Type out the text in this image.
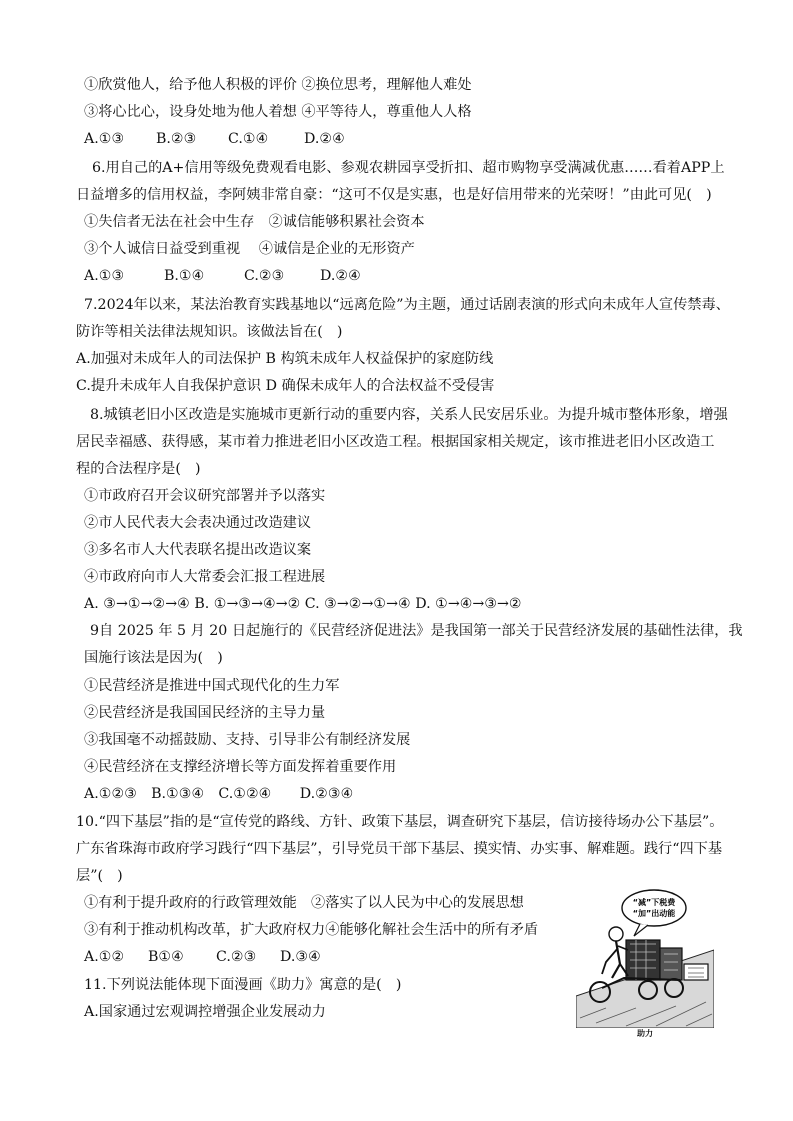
①欣赏他人，给予他人积极的评价 ②换位思考，理解他人难处
③将心比心，设身处地为他人着想 ④平等待人，尊重他人人格
A.①③ B.②③ C.①④	D.②④
6.用自己的A+信用等级免费观看电影、参观农耕园享受折扣、超市购物享受满减优惠……看着APP上
日益增多的信用权益，李阿姨非常自豪：“这可不仅是实惠，也是好信用带来的光荣呀！”由此可见(　)
①失信者无法在社会中生存　②诚信能够积累社会资本
③个人诚信日益受到重视　 ④诚信是企业的无形资产
A.①③	B.①④	C.②③	D.②④
7.2024年以来，某法治教育实践基地以“远离危险”为主题，通过话剧表演的形式向未成年人宣传禁毒、
防诈等相关法律法规知识。该做法旨在(　)
A.加强对未成年人的司法保护 B 构筑未成年人权益保护的家庭防线
C.提升未成年人自我保护意识 D 确保未成年人的合法权益不受侵害
8.城镇老旧小区改造是实施城市更新行动的重要内容，关系人民安居乐业。为提升城市整体形象，增强
居民幸福感、获得感，某市着力推进老旧小区改造工程。根据国家相关规定，该市推进老旧小区改造工
程的合法程序是(　)
①市政府召开会议研究部署并予以落实
②市人民代表大会表决通过改造建议
③多名市人大代表联名提出改造议案
④市政府向市人大常委会汇报工程进展
A. ③→①→②→④ B. ①→③→④→② C. ③→②→①→④ D. ①→④→③→②
9自 2025 年 5 月 20 日起施行的《民营经济促进法》是我国第一部关于民营经济发展的基础性法律，我
国施行该法是因为(　)
①民营经济是推进中国式现代化的生力军
②民营经济是我国国民经济的主导力量
③我国毫不动摇鼓励、支持、引导非公有制经济发展
④民营经济在支撑经济增长等方面发挥着重要作用
A.①②③　B.①③④　C.①②④　　D.②③④
10.“四下基层”指的是“宣传党的路线、方针、政策下基层，调查研究下基层，信访接待场办公下基层”。
广东省珠海市政府学习践行“四下基层”，引导党员干部下基层、摸实情、办实事、解难题。践行“四下基
层”(　)
①有利于提升政府的行政管理效能　②落实了以人民为中心的发展思想
③有利于推动机构改革，扩大政府权力④能够化解社会生活中的所有矛盾
A.①② B①④ C.②③ D.③④
11.下列说法能体现下面漫画《助力》寓意的是(　)
A.国家通过宏观调控增强企业发展动力
“减”下税费
“加”出动能
助力
